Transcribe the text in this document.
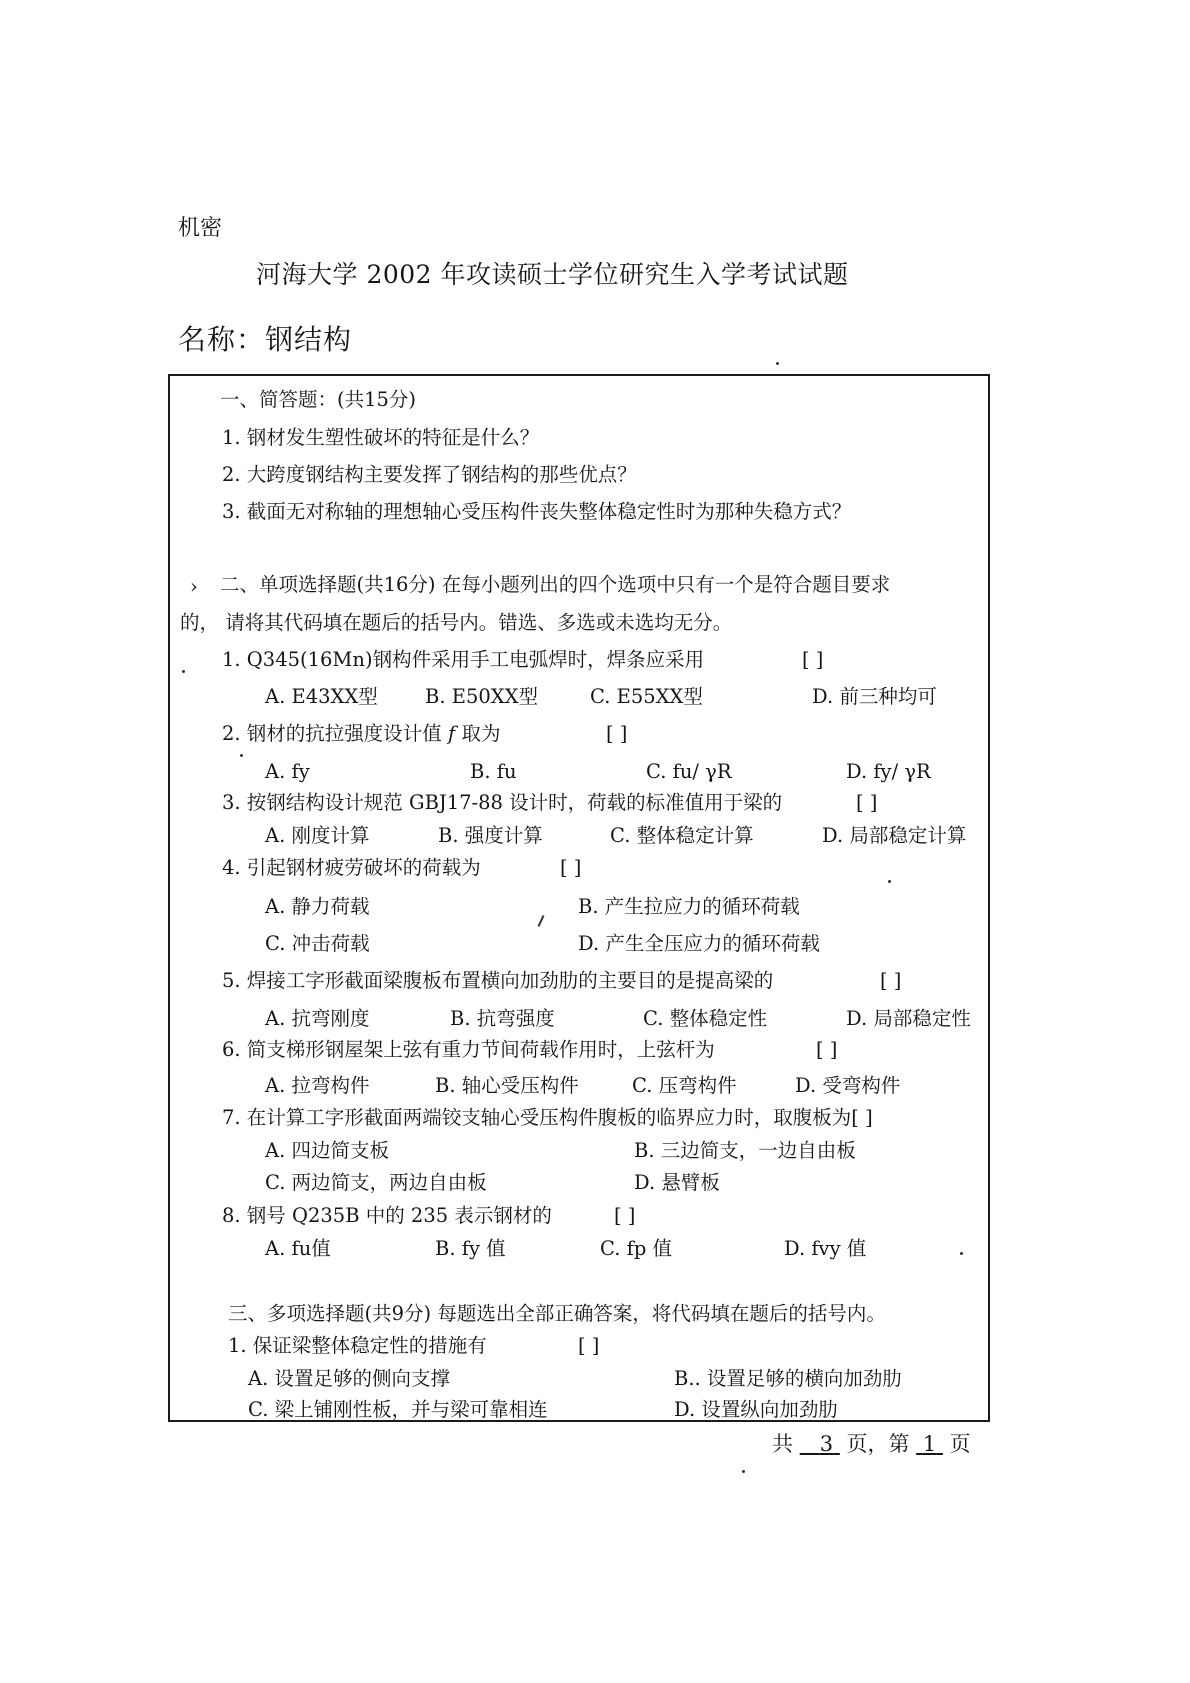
机密
河海大学 2002 年攻读硕士学位研究生入学考试试题
名称：钢结构
一、简答题：(共15分)
1. 钢材发生塑性破坏的特征是什么？
2. 大跨度钢结构主要发挥了钢结构的那些优点？
3. 截面无对称轴的理想轴心受压构件丧失整体稳定性时为那种失稳方式？
› 二、单项选择题(共16分) 在每小题列出的四个选项中只有一个是符合题目要求
的， 请将其代码填在题后的括号内。错选、多选或未选均无分。
1. Q345(16Mn)钢构件采用手工电弧焊时，焊条应采用	[ ]
A. E43XX型 B. E50XX型	C. E55XX型	D. 前三种均可
2. 钢材的抗拉强度设计值 f 取为	[ ]
A. fy	B. fu	C. fu/ γR	D. fy/ γR
3. 按钢结构设计规范 GBJ17-88 设计时，荷载的标准值用于梁的	[ ]
A. 刚度计算	B. 强度计算	C. 整体稳定计算	D. 局部稳定计算
4. 引起钢材疲劳破坏的荷载为	[ ]
A. 静力荷载	B. 产生拉应力的循环荷载
C. 冲击荷载	D. 产生全压应力的循环荷载
5. 焊接工字形截面梁腹板布置横向加劲肋的主要目的是提高梁的	[ ]
A. 抗弯刚度	B. 抗弯强度	C. 整体稳定性	D. 局部稳定性
6. 简支梯形钢屋架上弦有重力节间荷载作用时，上弦杆为	[ ]
A. 拉弯构件	B. 轴心受压构件	C. 压弯构件	D. 受弯构件
7. 在计算工字形截面两端铰支轴心受压构件腹板的临界应力时，取腹板为[ ]
A. 四边简支板	B. 三边简支，一边自由板
C. 两边简支，两边自由板	D. 悬臂板
8. 钢号 Q235B 中的 235 表示钢材的	[ ]
A. fu值	B. fy 值	C. fp 值	D. fvy 值
三、多项选择题(共9分) 每题选出全部正确答案，将代码填在题后的括号内。
1. 保证梁整体稳定性的措施有	[ ]
A. 设置足够的侧向支撑	B.. 设置足够的横向加劲肋
C. 梁上铺刚性板，并与梁可靠相连	D. 设置纵向加劲肋
共 3 页，第 1 页
